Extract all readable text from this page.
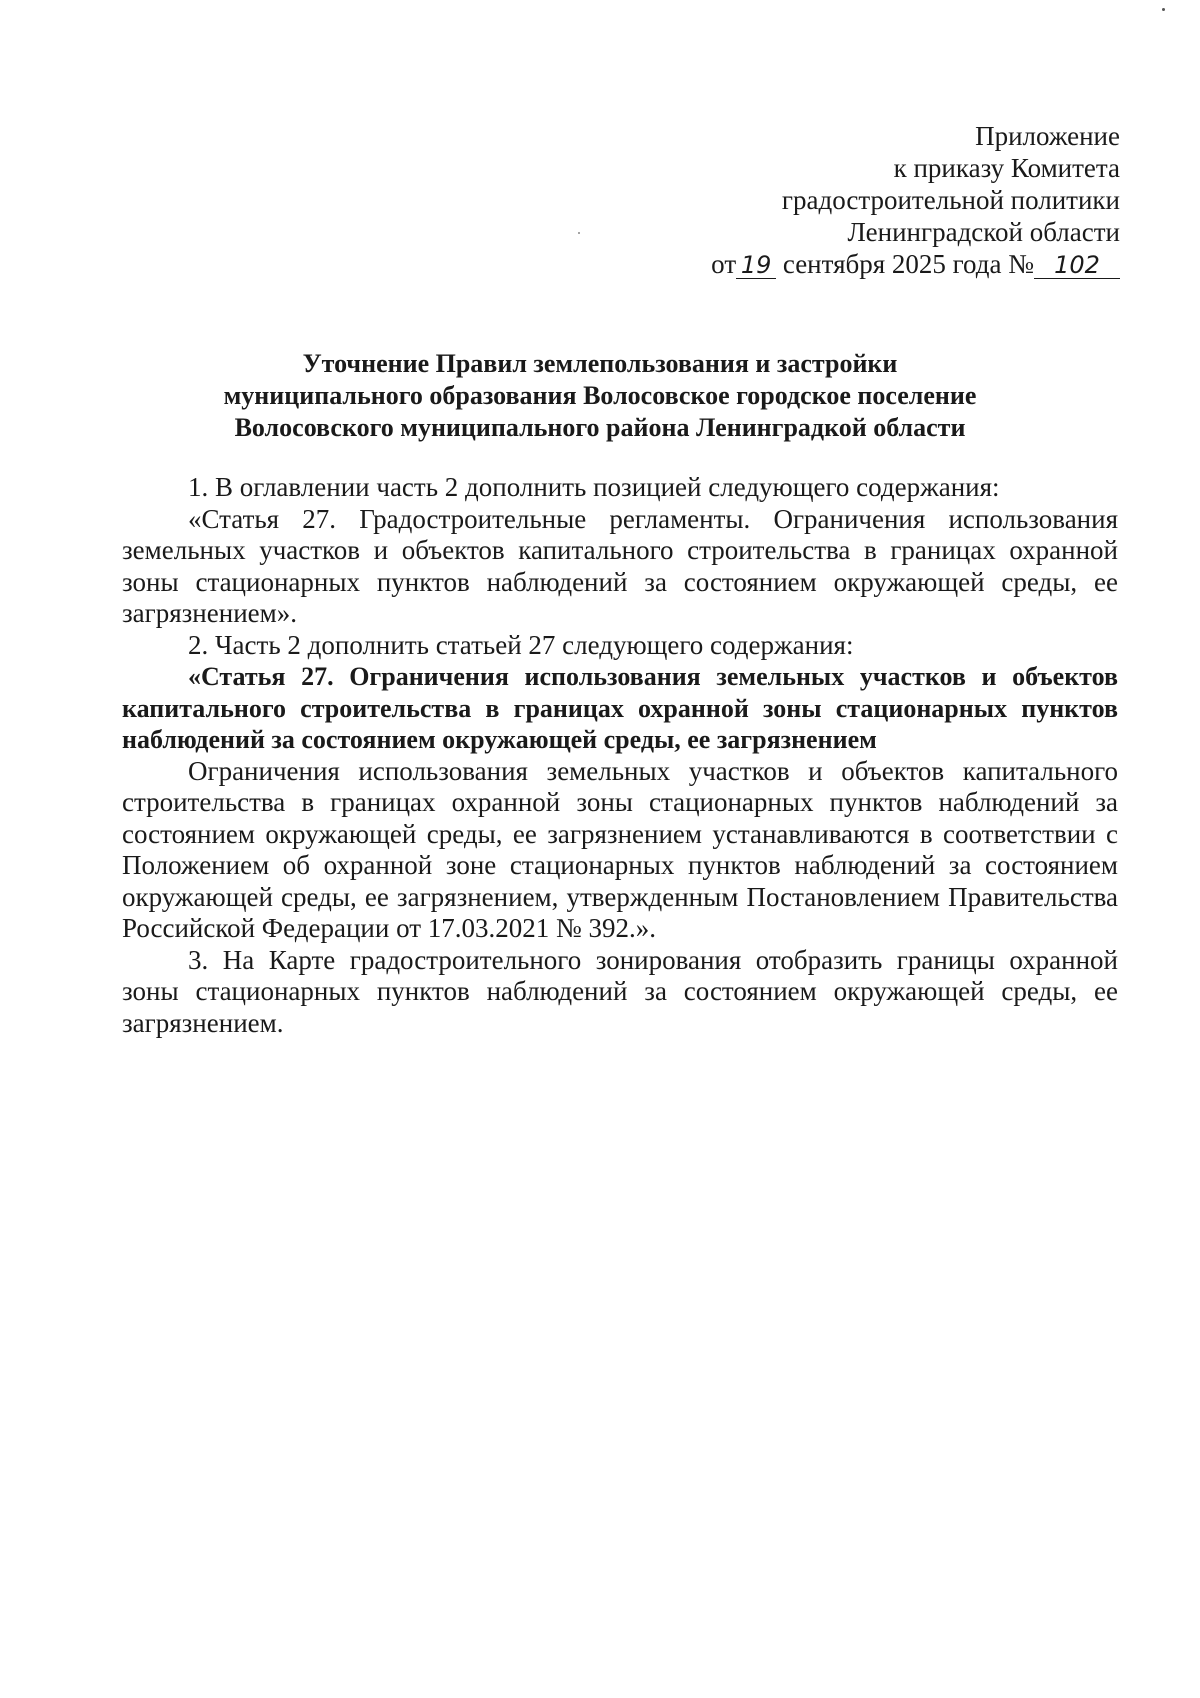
Приложение
к приказу Комитета
градостроительной политики
Ленинградской области
от 19 сентября 2025 года № 102
Уточнение Правил землепользования и застройки
муниципального образования Волосовское городское поселение
Волосовского муниципального района Ленинградкой области

1. В оглавлении часть 2 дополнить позицией следующего содержания:

«Статья 27. Градостроительные регламенты. Ограничения использования земельных участков и объектов капитального строительства в границах охранной зоны стационарных пунктов наблюдений за состоянием окружающей среды, ее загрязнением».

2. Часть 2 дополнить статьей 27 следующего содержания:

«Статья 27. Ограничения использования земельных участков и объектов капитального строительства в границах охранной зоны стационарных пунктов наблюдений за состоянием окружающей среды, ее загрязнением

Ограничения использования земельных участков и объектов капитального строительства в границах охранной зоны стационарных пунктов наблюдений за состоянием окружающей среды, ее загрязнением устанавливаются в соответствии с Положением об охранной зоне стационарных пунктов наблюдений за состоянием окружающей среды, ее загрязнением, утвержденным Постановлением Правительства Российской Федерации от 17.03.2021 № 392.».

3. На Карте градостроительного зонирования отобразить границы охранной зоны стационарных пунктов наблюдений за состоянием окружающей среды, ее загрязнением.
